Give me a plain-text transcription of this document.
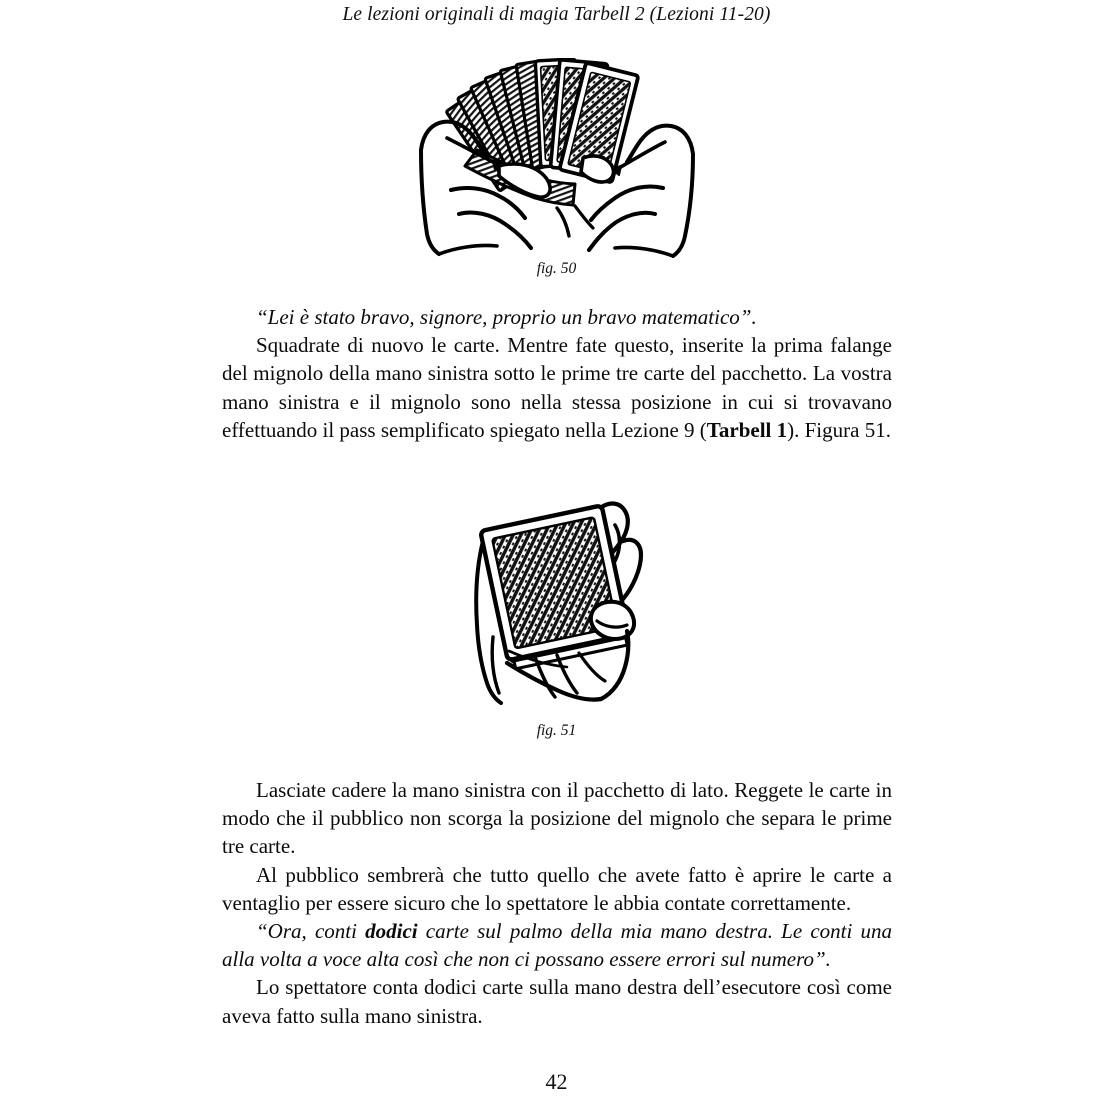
Le lezioni originali di magia Tarbell 2 (Lezioni 11-20)
fig. 50

“Lei è stato bravo, signore, proprio un bravo matematico”.

Squadrate di nuovo le carte. Mentre fate questo, inserite la prima falange del mignolo della mano sinistra sotto le prime tre carte del pacchetto. La vostra mano sinistra e il mignolo sono nella stessa posizione in cui si trovavano effettuando il pass semplificato spiegato nella Lezione 9 (Tarbell 1). Figura 51.

fig. 51

Lasciate cadere la mano sinistra con il pacchetto di lato. Reggete le carte in modo che il pubblico non scorga la posizione del mignolo che separa le prime tre carte.

Al pubblico sembrerà che tutto quello che avete fatto è aprire le carte a ventaglio per essere sicuro che lo spettatore le abbia contate correttamente.

“Ora, conti dodici carte sul palmo della mia mano destra. Le conti una alla volta a voce alta così che non ci possano essere errori sul numero”.

Lo spettatore conta dodici carte sulla mano destra dell’esecutore così come aveva fatto sulla mano sinistra.

42
